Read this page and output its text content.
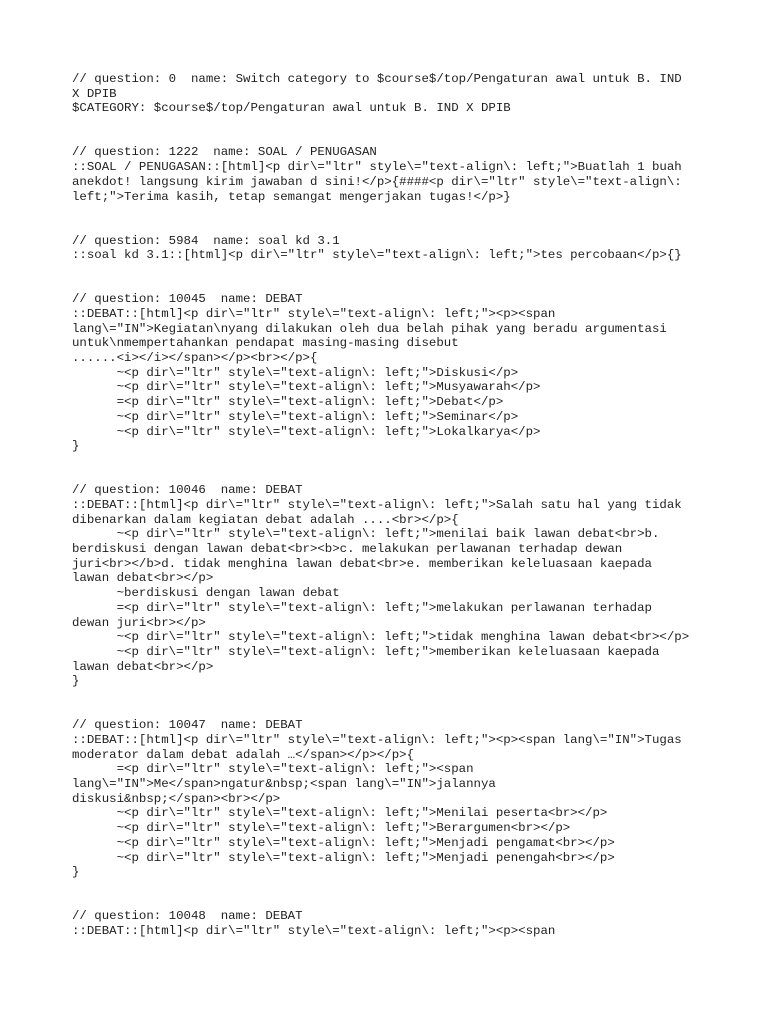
// question: 0  name: Switch category to $course$/top/Pengaturan awal untuk B. IND
X DPIB
$CATEGORY: $course$/top/Pengaturan awal untuk B. IND X DPIB
// question: 1222  name: SOAL / PENUGASAN
::SOAL / PENUGASAN::[html]<p dir\="ltr" style\="text-align\: left;">Buatlah 1 buah
anekdot! langsung kirim jawaban d sini!</p>{####<p dir\="ltr" style\="text-align\:
left;">Terima kasih, tetap semangat mengerjakan tugas!</p>}
// question: 5984  name: soal kd 3.1
::soal kd 3.1::[html]<p dir\="ltr" style\="text-align\: left;">tes percobaan</p>{}
// question: 10045  name: DEBAT
::DEBAT::[html]<p dir\="ltr" style\="text-align\: left;"><p><span
lang\="IN">Kegiatan\nyang dilakukan oleh dua belah pihak yang beradu argumentasi
untuk\nmempertahankan pendapat masing-masing disebut
......<i></i></span></p><br></p>{
~<p dir\="ltr" style\="text-align\: left;">Diskusi</p>
~<p dir\="ltr" style\="text-align\: left;">Musyawarah</p>
=<p dir\="ltr" style\="text-align\: left;">Debat</p>
~<p dir\="ltr" style\="text-align\: left;">Seminar</p>
~<p dir\="ltr" style\="text-align\: left;">Lokalkarya</p>
}
// question: 10046  name: DEBAT
::DEBAT::[html]<p dir\="ltr" style\="text-align\: left;">Salah satu hal yang tidak
dibenarkan dalam kegiatan debat adalah ....<br></p>{
~<p dir\="ltr" style\="text-align\: left;">menilai baik lawan debat<br>b.
berdiskusi dengan lawan debat<br><b>c. melakukan perlawanan terhadap dewan
juri<br></b>d. tidak menghina lawan debat<br>e. memberikan keleluasaan kaepada
lawan debat<br></p>
~berdiskusi dengan lawan debat
=<p dir\="ltr" style\="text-align\: left;">melakukan perlawanan terhadap
dewan juri<br></p>
~<p dir\="ltr" style\="text-align\: left;">tidak menghina lawan debat<br></p>
~<p dir\="ltr" style\="text-align\: left;">memberikan keleluasaan kaepada
lawan debat<br></p>
}
// question: 10047  name: DEBAT
::DEBAT::[html]<p dir\="ltr" style\="text-align\: left;"><p><span lang\="IN">Tugas
moderator dalam debat adalah …</span></p></p>{
=<p dir\="ltr" style\="text-align\: left;"><span
lang\="IN">Me</span>ngatur&nbsp;<span lang\="IN">jalannya
diskusi&nbsp;</span><br></p>
~<p dir\="ltr" style\="text-align\: left;">Menilai peserta<br></p>
~<p dir\="ltr" style\="text-align\: left;">Berargumen<br></p>
~<p dir\="ltr" style\="text-align\: left;">Menjadi pengamat<br></p>
~<p dir\="ltr" style\="text-align\: left;">Menjadi penengah<br></p>
}
// question: 10048  name: DEBAT
::DEBAT::[html]<p dir\="ltr" style\="text-align\: left;"><p><span
